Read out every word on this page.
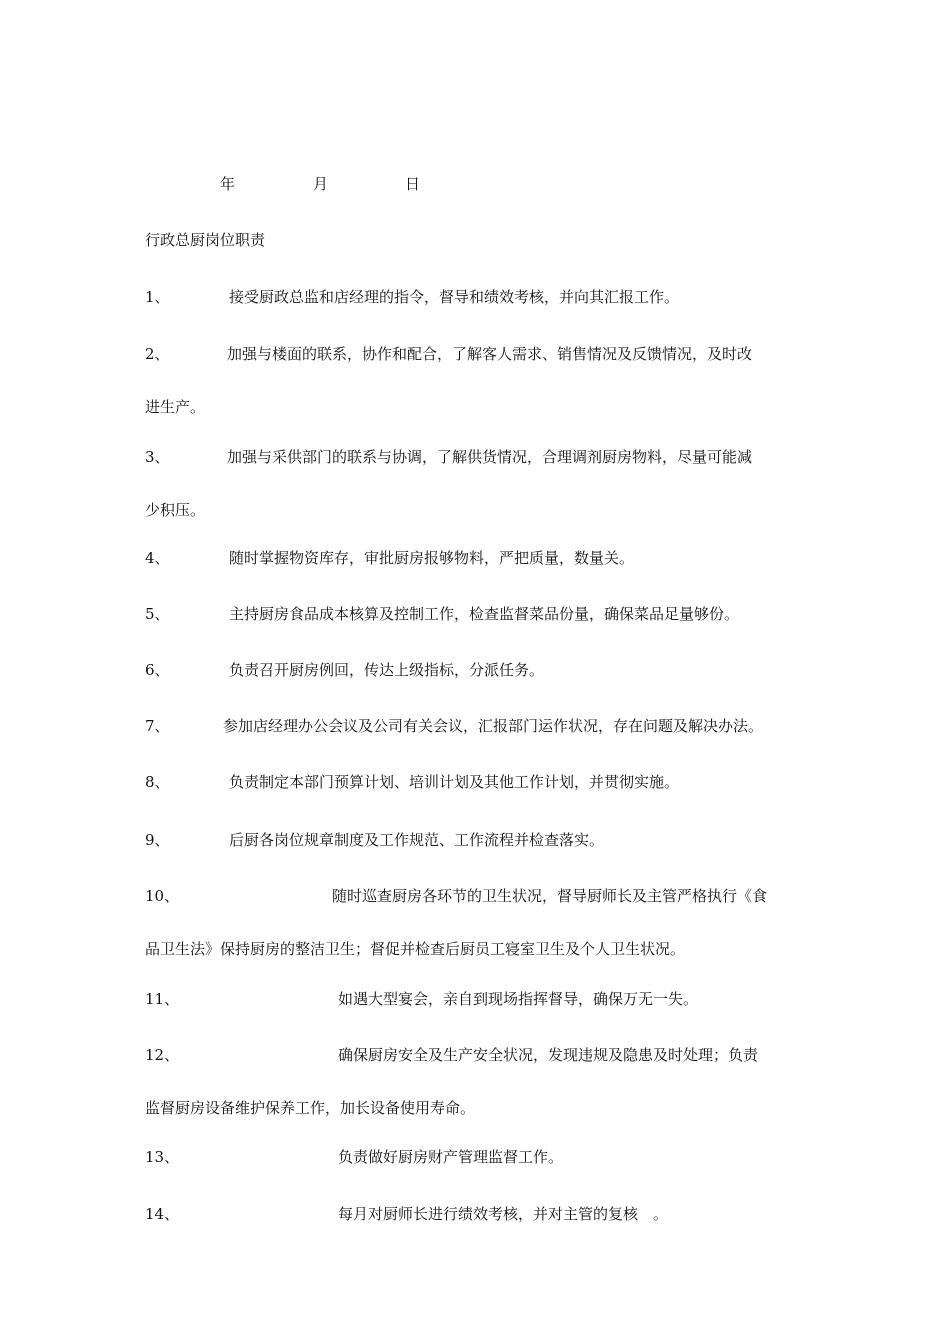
年	月	日
行政总厨岗位职责
1、	接受厨政总监和店经理的指令，督导和绩效考核，并向其汇报工作。
2、	加强与楼面的联系，协作和配合，了解客人需求、销售情况及反馈情况，及时改
进生产。
3、	加强与采供部门的联系与协调，了解供货情况，合理调剂厨房物料，尽量可能减
少积压。
4、	随时掌握物资库存，审批厨房报够物料，严把质量，数量关。
5、	主持厨房食品成本核算及控制工作，检查监督菜品份量，确保菜品足量够份。
6、	负责召开厨房例回，传达上级指标，分派任务。
7、	参加店经理办公会议及公司有关会议，汇报部门运作状况，存在问题及解决办法。
8、	负责制定本部门预算计划、培训计划及其他工作计划，并贯彻实施。
9、	后厨各岗位规章制度及工作规范、工作流程并检查落实。
10、	随时巡查厨房各环节的卫生状况，督导厨师长及主管严格执行《食
品卫生法》保持厨房的整洁卫生；督促并检查后厨员工寝室卫生及个人卫生状况。
11、	如遇大型宴会，亲自到现场指挥督导，确保万无一失。
12、	确保厨房安全及生产安全状况，发现违规及隐患及时处理；负责
监督厨房设备维护保养工作，加长设备使用寿命。
13、	负责做好厨房财产管理监督工作。
14、	每月对厨师长进行绩效考核，并对主管的复核　。
